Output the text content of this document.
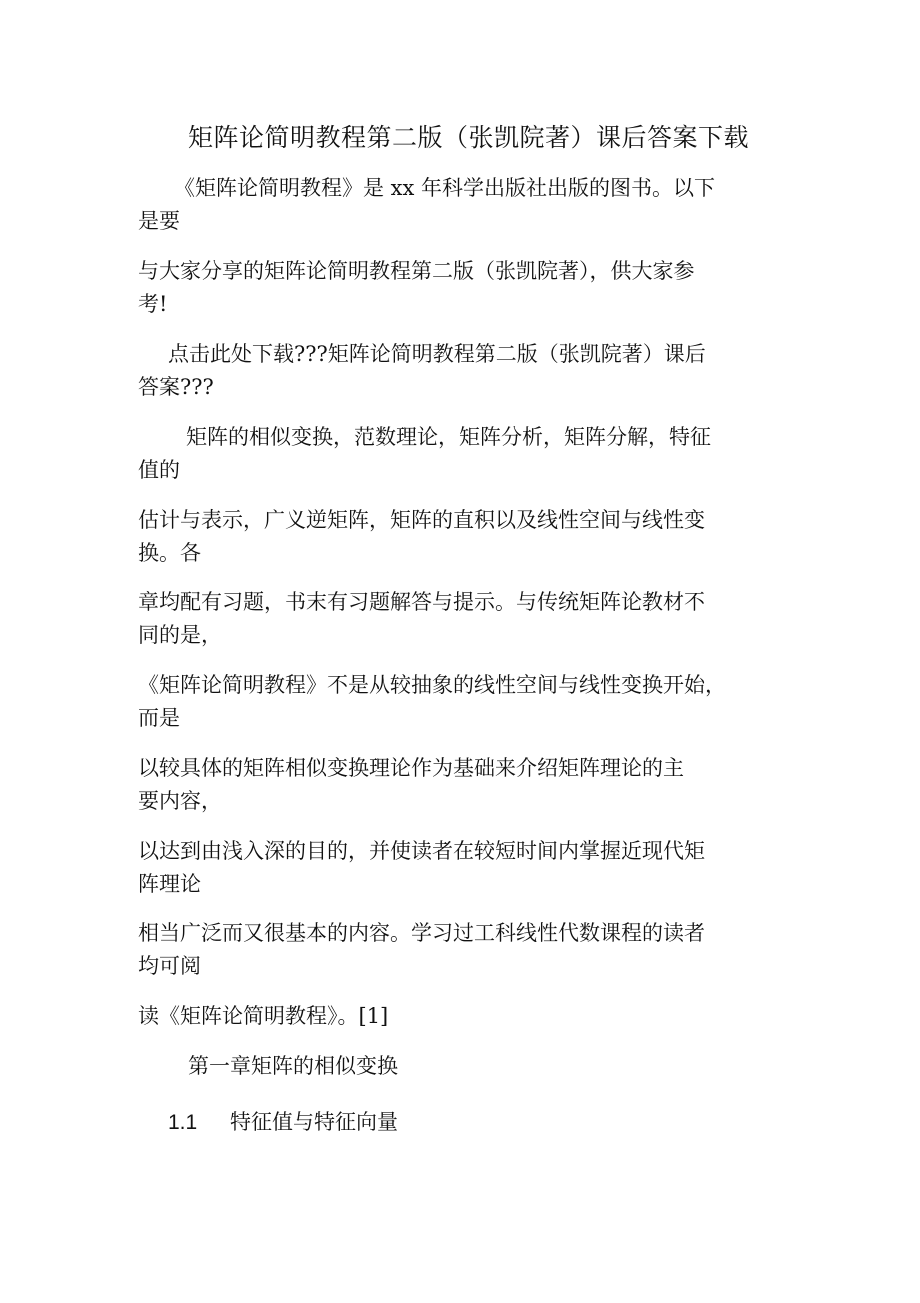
矩阵论简明教程第二版（张凯院著）课后答案下载

《矩阵论简明教程》是 xx 年科学出版社出版的图书。以下
是要

与大家分享的矩阵论简明教程第二版（张凯院著），供大家参
考!

点击此处下载???矩阵论简明教程第二版（张凯院著）课后
答案???

矩阵的相似变换，范数理论，矩阵分析，矩阵分解，特征
值的

估计与表示，广义逆矩阵，矩阵的直积以及线性空间与线性变
换。各

章均配有习题，书末有习题解答与提示。与传统矩阵论教材不
同的是，

《矩阵论简明教程》不是从较抽象的线性空间与线性变换开始，
而是

以较具体的矩阵相似变换理论作为基础来介绍矩阵理论的主
要内容，

以达到由浅入深的目的，并使读者在较短时间内掌握近现代矩
阵理论

相当广泛而又很基本的内容。学习过工科线性代数课程的读者
均可阅

读《矩阵论简明教程》。[1]

第一章矩阵的相似变换
1.1 特征值与特征向量
